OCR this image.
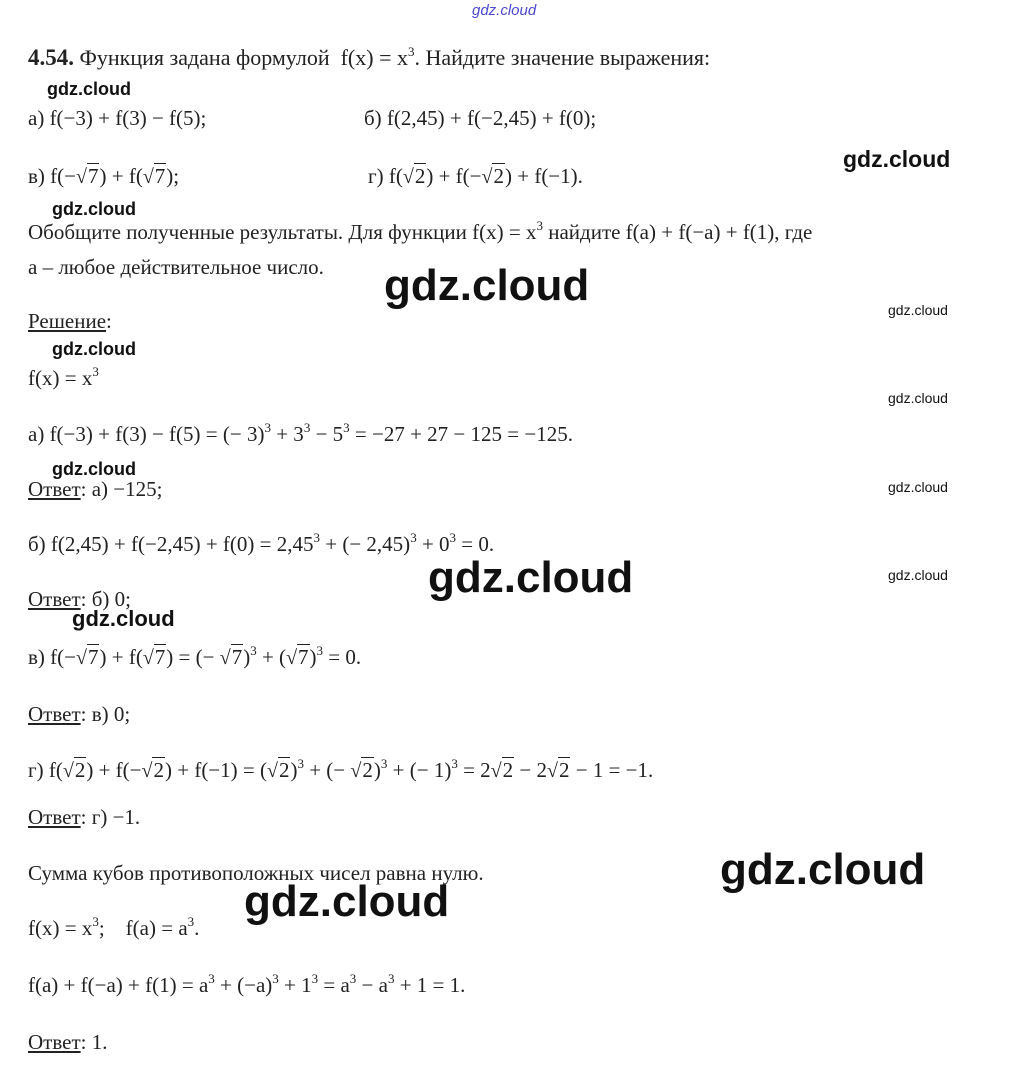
gdz.cloud
gdz.cloud
gdz.cloud
gdz.cloud
gdz.cloud	gdz.cloud
gdz.cloud
gdz.cloud
gdz.cloud
gdz.cloud
gdz.cloud	gdz.cloud
gdz.cloud
gdz.cloud
gdz.cloud
4.54. Функция задана формулой $f(x) = x^3$. Найдите значение выражения:
а) f(−3) + f(3) − f(5);	б) f(2,45) + f(−2,45) + f(0);
в) f(−√7) + f(√7);	г) f(√2) + f(−√2) + f(−1).
Обобщите полученные результаты. Для функции $f(x) = x^3$ найдите f(a) + f(−a) + f(1), где
a – любое действительное число.
Решение:
$f(x) = x^3$
а) f(−3) + f(3) − f(5) = (− $3)^3 + 3^3 - 5^3 = -27 + 27 - 125 = -125$.
Ответ: а) −125;
б) $f(2,45) + f(-2,45) + f(0) = 2,45^3$ + (− $2,45)^3 + 0^3 = 0$.
Ответ: б) 0;
в) f(−√7) + f(√7) = (− $√7)^3 + (√7)^3 = 0$.
Ответ: в) 0;
г) $f(√2) + f(-√2) + f(-1) = (√2)^3$ + (− √2)$^3$ + (− 1)$^3$ = 2√2 − 2√2 − 1 = −1.
Ответ: г) −1.
Сумма кубов противоположных чисел равна нулю.
$f(x) = x^3$;    $f(a) = a^3$.
$f(a) + f(-a) + f(1) = a^3 + (-a)^3 + 1^3 = a^3 - a^3 + 1 = 1$.
Ответ: 1.
